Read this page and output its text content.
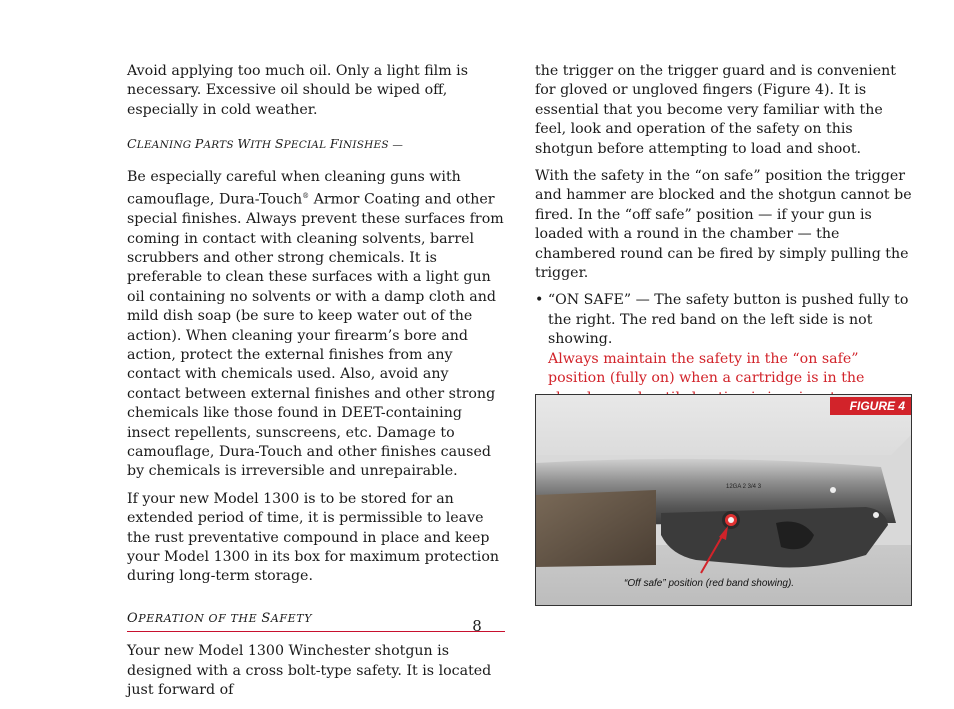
Avoid applying too much oil. Only a light film is necessary. Excessive oil should be wiped off, especially in cold weather.

CLEANING PARTS WITH SPECIAL FINISHES —

Be especially careful when cleaning guns with camouflage, Dura-Touch® Armor Coating and other special finishes. Always prevent these surfaces from coming in contact with cleaning solvents, barrel scrubbers and other strong chemicals. It is preferable to clean these surfaces with a light gun oil containing no solvents or with a damp cloth and mild dish soap (be sure to keep water out of the action). When cleaning your firearm’s bore and action, protect the external finishes from any contact with chemicals used. Also, avoid any contact between external finishes and other strong chemicals like those found in DEET-containing insect repellents, sunscreens, etc. Damage to camouflage, Dura-Touch and other finishes caused by chemicals is irreversible and unrepairable.

If your new Model 1300 is to be stored for an extended period of time, it is permissible to leave the rust preventative compound in place and keep your Model 1300 in its box for maximum protection during long-term storage.

OPERATION OF THE SAFETY

Your new Model 1300 Winchester shotgun is designed with a cross bolt-type safety. It is located just forward of

the trigger on the trigger guard and is convenient for gloved or ungloved fingers (Figure 4). It is essential that you become very familiar with the feel, look and operation of the safety on this shotgun before attempting to load and shoot.

With the safety in the “on safe” position the trigger and hammer are blocked and the shotgun cannot be fired. In the “off safe” position — if your gun is loaded with a round in the chamber — the chambered round can be fired by simply pulling the trigger.

• “ON SAFE” — The safety button is pushed fully to the right. The red band on the left side is not showing.
Always maintain the safety in the “on safe” position (fully on) when a cartridge is in the

12GA 2 3/4 3
FIGURE 4
“Off safe” position (red band showing).
8
